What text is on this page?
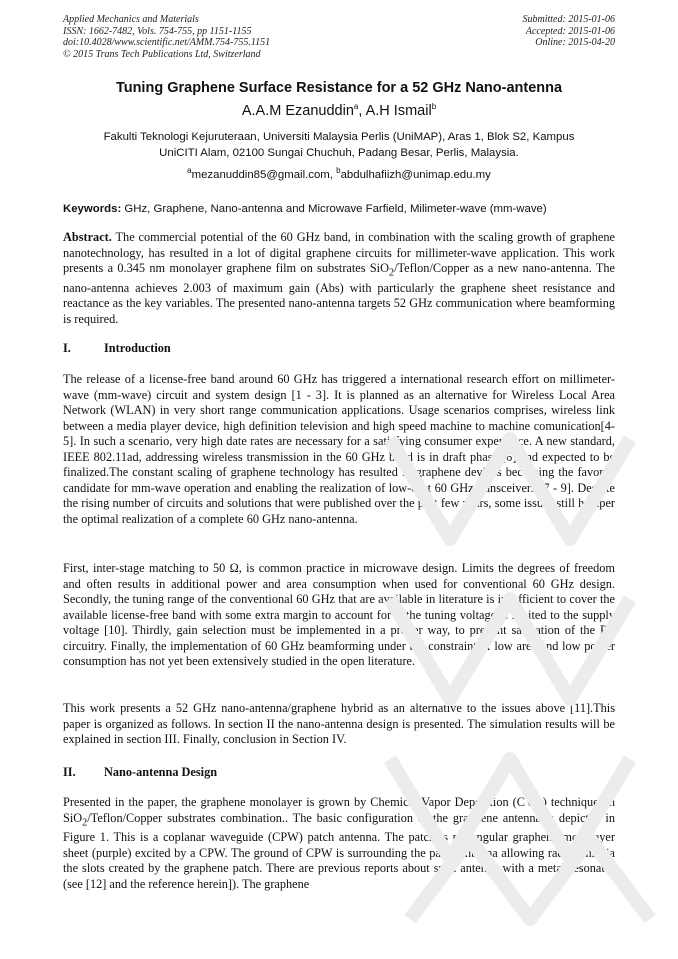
Applied Mechanics and Materials
ISSN: 1662-7482, Vols. 754-755, pp 1151-1155
doi:10.4028/www.scientific.net/AMM.754-755.1151
© 2015 Trans Tech Publications Ltd, Switzerland
Submitted: 2015-01-06
Accepted: 2015-01-06
Online: 2015-04-20
Tuning Graphene Surface Resistance for a 52 GHz Nano-antenna
A.A.M Ezanuddin$^a$, A.H Ismail$^b$
Fakulti Teknologi Kejuruteraan, Universiti Malaysia Perlis (UniMAP), Aras 1, Blok S2, Kampus
UniCITI Alam, 02100 Sungai Chuchuh, Padang Besar, Perlis, Malaysia.
$^a$mezanuddin85@gmail.com, $^b$abdulhafiizh@unimap.edu.my
Keywords: GHz, Graphene, Nano-antenna and Microwave Farfield, Milimeter-wave (mm-wave)

Abstract. The commercial potential of the 60 GHz band, in combination with the scaling growth of graphene nanotechnology, has resulted in a lot of digital graphene circuits for millimeter-wave application. This work presents a 0.345 nm monolayer graphene film on substrates SiO$_2$/Teflon/Copper as a new nano-antenna. The nano-antenna achieves 2.003 of maximum gain (Abs) with particularly the graphene sheet resistance and reactance as the key variables. The presented nano-antenna targets 52 GHz communication where beamforming is required.

I.	Introduction

The release of a license-free band around 60 GHz has triggered a international research effort on millimeter-wave (mm-wave) circuit and system design [1 - 3]. It is planned as an alternative for Wireless Local Area Network (WLAN) in very short range communication applications. Usage scenarios comprises, wireless link between a media player device, high definition television and high speed machine to machine comunication[4-5]. In such a scenario, very high date rates are necessary for a satisfying consumer experience. A new standard, IEEE 802.11ad, addressing wireless transmission in the 60 GHz band is in draft phase [6] and expected to be finalized.The constant scaling of graphene technology has resulted in graphene devices becoming the favored candidate for mm-wave operation and enabling the realization of low-cost 60 GHz transceivers [7 - 9]. Despite the rising number of circuits and solutions that were published over the past few years, some issues still hamper the optimal realization of a complete 60 GHz nano-antenna.

First, inter-stage matching to 50 Ω, is common practice in microwave design. Limits the degrees of freedom and often results in additional power and area consumption when used for conventional 60 GHz design. Secondly, the tuning range of the conventional 60 GHz that are available in literature is insufficient to cover the available license-free band with some extra margin to account for if the tuning voltage is limited to the supply voltage [10]. Thirdly, gain selection must be implemented in a proper way, to prevent saturation of the RF circuitry. Finally, the implementation of 60 GHz beamforming under the constraint of low area and low power consumption has not yet been extensively studied in the open literature.

This work presents a 52 GHz nano-antenna/graphene hybrid as an alternative to the issues above [11].This paper is organized as follows. In section II the nano-antenna design is presented. The simulation results will be explained in section III. Finally, conclusion in Section IV.

II. Nano-antenna Design

Presented in the paper, the graphene monolayer is grown by Chemical Vapor Deposition (CVD) technique on SiO$_2$/Teflon/Copper substrates combination.. The basic configuration of the graphene antenna is depicted in Figure 1. This is a coplanar waveguide (CPW) patch antenna. The patch is rectangular graphene monolayer sheet (purple) excited by a CPW. The ground of CPW is surrounding the patch antenna allowing radiations via the slots created by the graphene patch. There are previous reports about such antenna with a metal resonator (see [12] and the reference herein]). The graphene
